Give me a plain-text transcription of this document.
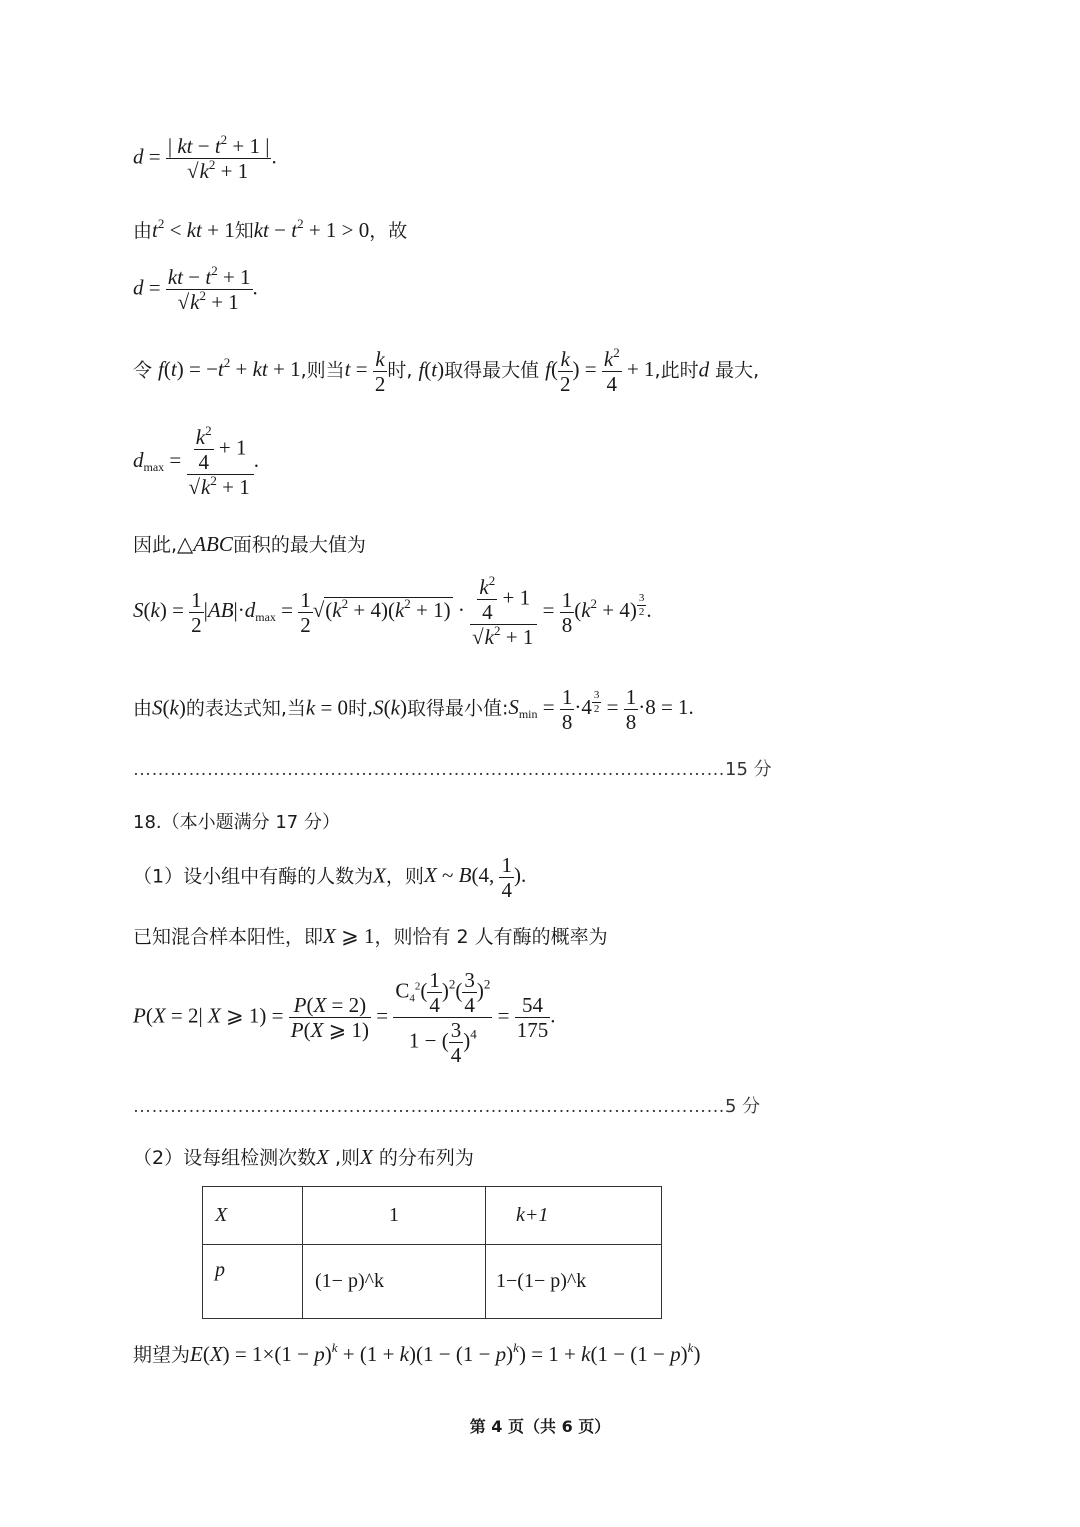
$d = \frac{| kt - t^2 + 1 |}{√k^2 + 1}$ .
由$t^2$ < kt + 1知kt − $t^2 + 1 > 0$，故
$d = \frac{kt - t^2 + 1}{√k^2 + 1}$ .
令 $f(t) = -t^2$ + kt + 1,则当$t = \frac{k}{2}$ 时, f(t)取得最大值 $f( \frac{k}{2}$ ) = $\frac{k^2}{4} + 1$,此时d 最大,
$d_{max} = \frac{\frac{k^2}{4} + 1}{√k^2 + 1}$ .
因此,△ABC面积的最大值为
$S(k) = \frac{1}{2} |AB|\cdot d_{max} = \frac{1}{2} √(k^2 + 4)(k^2 + 1) \cdot \frac{\frac{k^2}{4} + 1}{√k^2 + 1} = \frac{1}{8} (k^2 + 4)$ $^{\frac{3}{2}}$ .
由S(k)的表达式知,当k = 0时,S(k)取得最小值$:S_{min} = \frac{1}{8} \cdot 4$ $^{\frac{3}{2}} = \frac{1}{8} \cdot 8 = 1$.
……………………………………………………………………………………15 分
18.（本小题满分 17 分）
（1）设小组中有酶的人数为X，则X ~ B(4, $\frac{1}{4}$ ).
已知混合样本阳性，即X ⩾ 1，则恰有 2 人有酶的概率为
P(X = 2| X ⩾ $1) = \frac{P(X = 2)}{P(X ⩾ 1)} = \frac{C_4^2( \frac{1}{4} )^2( \frac{3}{4} )^2}{1 - ( \frac{3}{4} )^4} = \frac{54}{175}$ .
……………………………………………………………………………………5 分
（2）设每组检测次数X ,则X 的分布列为
X	1	k+1
p	(1− p)^k	1−(1− p)^k
期望为$E(X) = 1\times(1 - p)^k + (1 + k)(1 - (1 - p)^k) = 1 + k(1 - (1 - p)^k)$
第 4 页（共 6 页）
